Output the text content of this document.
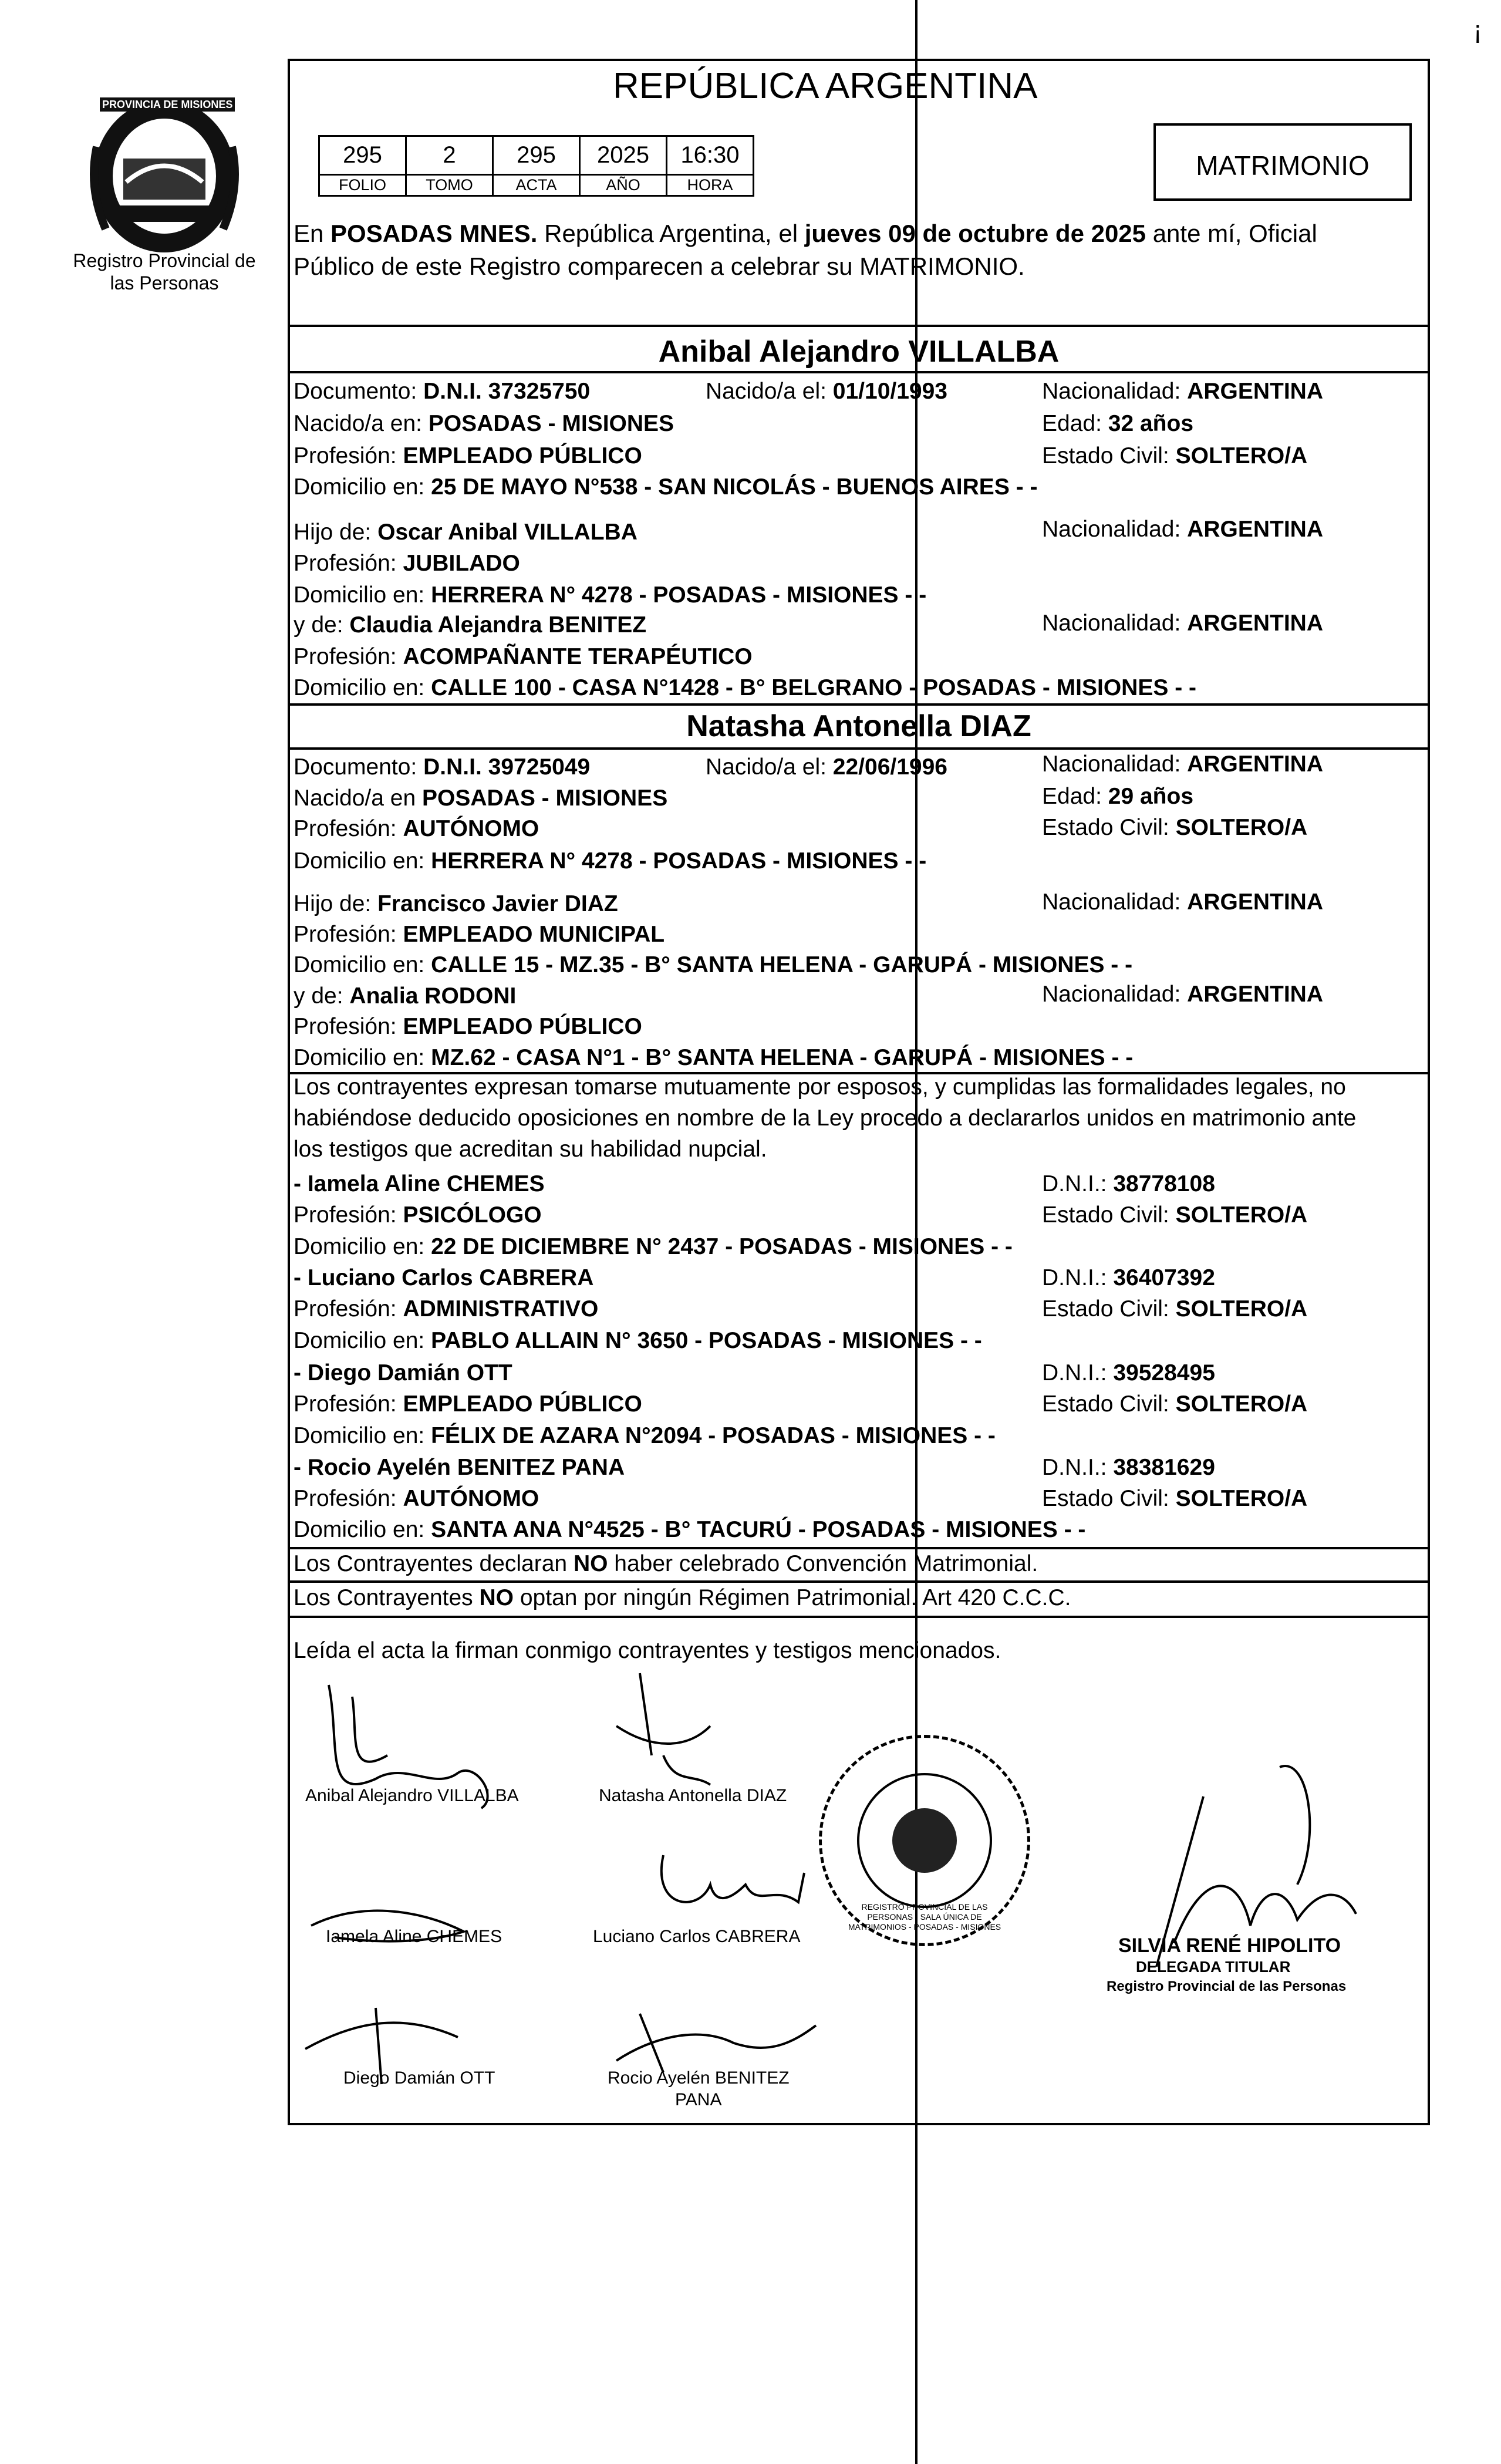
¡
PROVINCIA DE MISIONES
Registro Provincial de las Personas
REPÚBLICA ARGENTINA
295	2	295	2025	16:30
FOLIO	TOMO	ACTA	AÑO	HORA
MATRIMONIO
En POSADAS MNES. República Argentina, el jueves 09 de octubre de 2025 ante mí, Oficial
Público de este Registro comparecen a celebrar su MATRIMONIO.
Anibal Alejandro VILLALBA
Documento: D.N.I. 37325750	Nacido/a el: 01/10/1993	Nacionalidad: ARGENTINA
Nacido/a en: POSADAS - MISIONES	Edad: 32 años
Profesión: EMPLEADO PÚBLICO	Estado Civil: SOLTERO/A
Domicilio en: 25 DE MAYO N°538 - SAN NICOLÁS - BUENOS AIRES - -
Hijo de: Oscar Anibal VILLALBA	Nacionalidad: ARGENTINA
Profesión: JUBILADO
Domicilio en: HERRERA N° 4278 - POSADAS - MISIONES - -
y de: Claudia Alejandra BENITEZ	Nacionalidad: ARGENTINA
Profesión: ACOMPAÑANTE TERAPÉUTICO
Domicilio en: CALLE 100 - CASA N°1428 - B° BELGRANO - POSADAS - MISIONES - -
Natasha Antonella DIAZ
Documento: D.N.I. 39725049	Nacido/a el: 22/06/1996	Nacionalidad: ARGENTINA
Nacido/a en POSADAS - MISIONES	Edad: 29 años
Profesión: AUTÓNOMO	Estado Civil: SOLTERO/A
Domicilio en: HERRERA N° 4278 - POSADAS - MISIONES - -
Hijo de: Francisco Javier DIAZ	Nacionalidad: ARGENTINA
Profesión: EMPLEADO MUNICIPAL
Domicilio en: CALLE 15 - MZ.35 - B° SANTA HELENA - GARUPÁ - MISIONES - -
y de: Analia RODONI	Nacionalidad: ARGENTINA
Profesión: EMPLEADO PÚBLICO
Domicilio en: MZ.62 - CASA N°1 - B° SANTA HELENA - GARUPÁ - MISIONES - -
Los contrayentes expresan tomarse mutuamente por esposos, y cumplidas las formalidades legales, no
habiéndose deducido oposiciones en nombre de la Ley procedo a declararlos unidos en matrimonio ante
los testigos que acreditan su habilidad nupcial.
- Iamela Aline CHEMES	D.N.I.: 38778108
Profesión: PSICÓLOGO	Estado Civil: SOLTERO/A
Domicilio en: 22 DE DICIEMBRE N° 2437 - POSADAS - MISIONES - -
- Luciano Carlos CABRERA	D.N.I.: 36407392
Profesión: ADMINISTRATIVO	Estado Civil: SOLTERO/A
Domicilio en: PABLO ALLAIN N° 3650 - POSADAS - MISIONES - -
- Diego Damián OTT	D.N.I.: 39528495
Profesión: EMPLEADO PÚBLICO	Estado Civil: SOLTERO/A
Domicilio en: FÉLIX DE AZARA N°2094 - POSADAS - MISIONES - -
- Rocio Ayelén BENITEZ PANA	D.N.I.: 38381629
Profesión: AUTÓNOMO	Estado Civil: SOLTERO/A
Domicilio en: SANTA ANA N°4525 - B° TACURÚ - POSADAS - MISIONES - -
Los Contrayentes declaran NO haber celebrado Convención Matrimonial.
Los Contrayentes NO optan por ningún Régimen Patrimonial. Art 420 C.C.C.
Leída el acta la firman conmigo contrayentes y testigos mencionados.
Anibal Alejandro VILLALBA	Natasha Antonella DIAZ
Iamela Aline CHEMES	Luciano Carlos CABRERA
Diego Damián OTT	Rocio Ayelén BENITEZ
PANA
REGISTRO PROVINCIAL DE LAS PERSONAS - SALA ÚNICA DE MATRIMONIOS - POSADAS - MISIONES
SILVIA RENÉ HIPOLITO
DELEGADA TITULAR
Registro Provincial de las Personas
